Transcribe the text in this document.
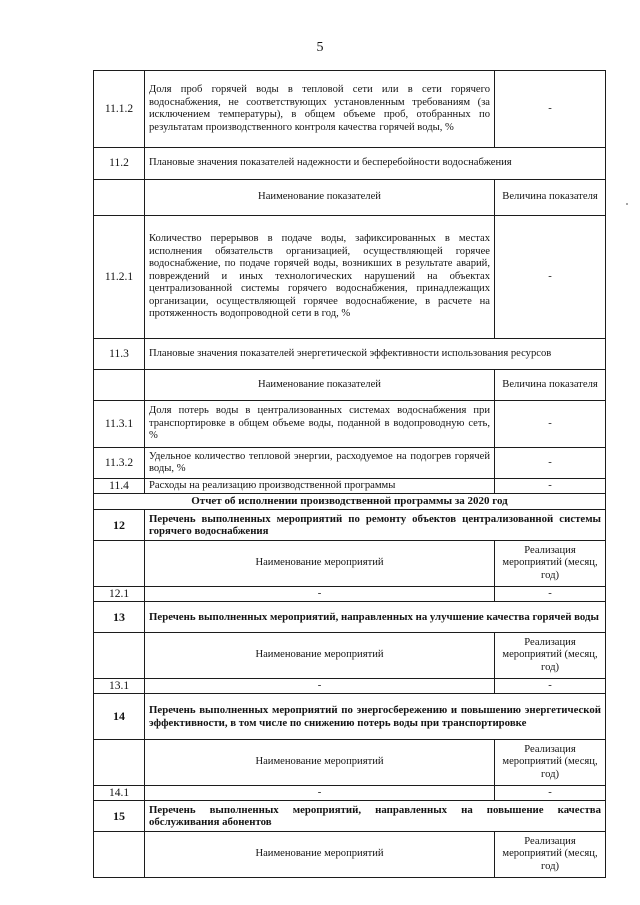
5
11.1.2	Доля проб горячей воды в тепловой сети или в сети горячего водоснабжения, не соответствующих установленным требованиям (за исключением температуры), в общем объеме проб, отобранных по результатам производственного контроля качества горячей воды, %	-
11.2	Плановые значения показателей надежности и бесперебойности водоснабжения	
	Наименование показателей	Величина показателя
11.2.1	Количество перерывов в подаче воды, зафиксированных в местах исполнения обязательств организацией, осуществляющей горячее водоснабжение, по подаче горячей воды, возникших в результате аварий, повреждений и иных технологических нарушений на объектах централизованной системы горячего водоснабжения, принадлежащих организации, осуществляющей горячее водоснабжение, в расчете на протяженность водопроводной сети в год, %	-
11.3	Плановые значения показателей энергетической эффективности использования ресурсов	
	Наименование показателей	Величина показателя
11.3.1	Доля потерь воды в централизованных системах водоснабжения при транспортировке в общем объеме воды, поданной в водопроводную сеть, %	-
11.3.2	Удельное количество тепловой энергии, расходуемое на подогрев горячей воды, %	-
11.4	Расходы на реализацию производственной программы	-
Отчет об исполнении производственной программы за 2020 год		
12	Перечень выполненных мероприятий по ремонту объектов централизованной системы горячего водоснабжения	
	Наименование мероприятий	Реализация мероприятий (месяц, год)
12.1	-	-
13	Перечень выполненных мероприятий, направленных на улучшение качества горячей воды	
	Наименование мероприятий	Реализация мероприятий (месяц, год)
13.1	-	-
14	Перечень выполненных мероприятий по энергосбережению и повышению энергетической эффективности, в том числе по снижению потерь воды при транспортировке	
	Наименование мероприятий	Реализация мероприятий (месяц, год)
14.1	-	-
15	Перечень выполненных мероприятий, направленных на повышение качества обслуживания абонентов	
	Наименование мероприятий	Реализация мероприятий (месяц, год)
